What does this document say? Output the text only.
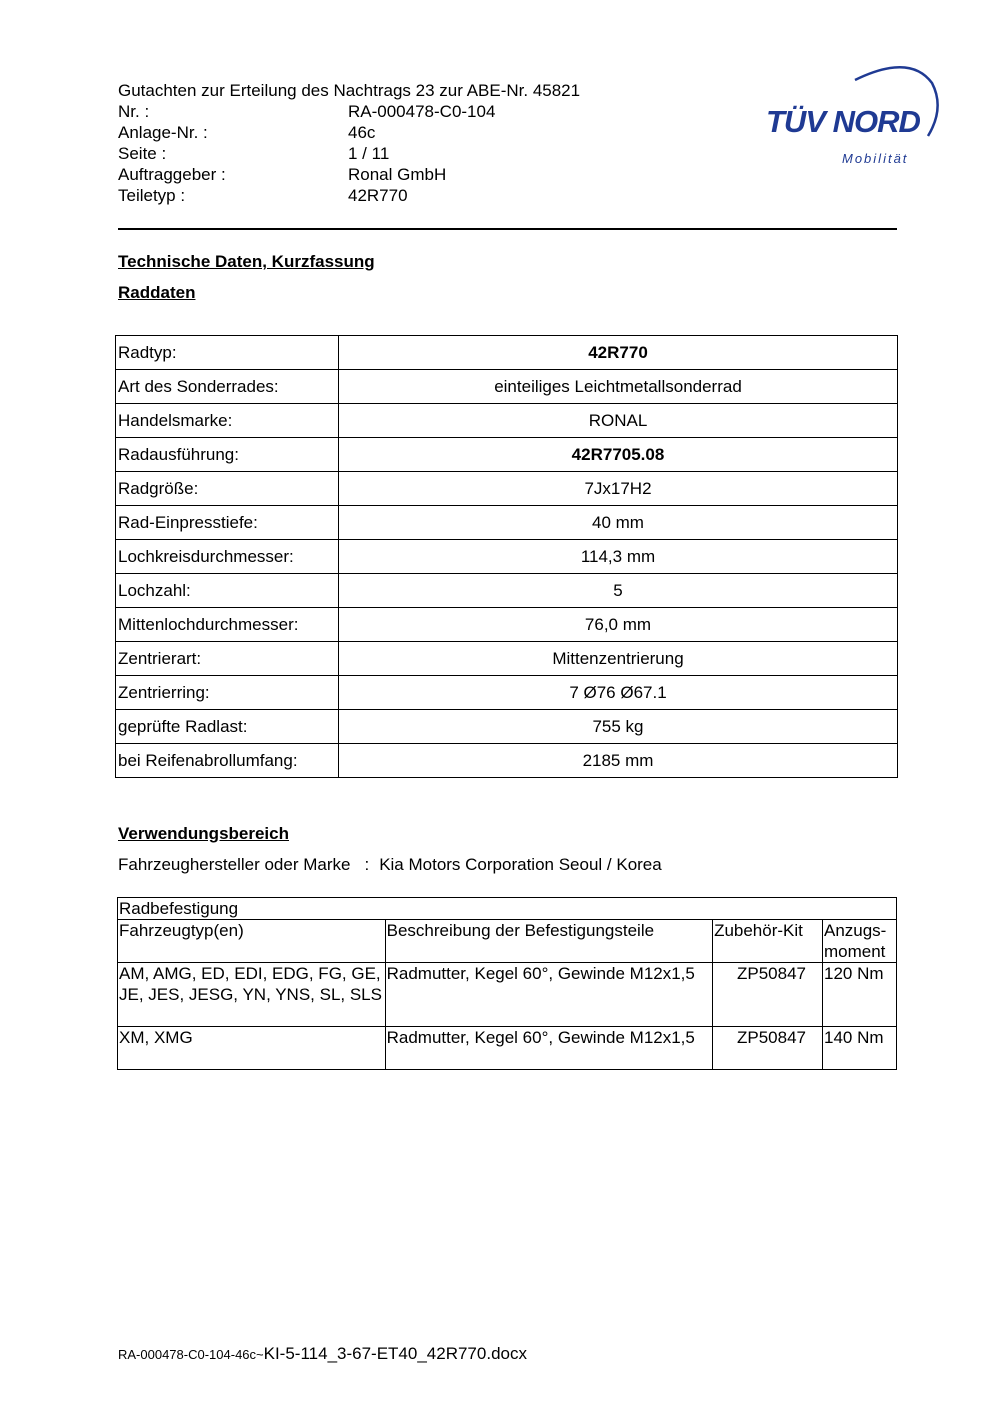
Gutachten zur Erteilung des Nachtrags 23 zur ABE-Nr. 45821
Nr. :	RA-000478-C0-104
Anlage-Nr. :	46c
Seite :	1 / 11
Auftraggeber :	Ronal GmbH
Teiletyp :	42R770
TÜV NORD
Mobilität
Technische Daten, Kurzfassung
Raddaten
Radtyp:	42R770
Art des Sonderrades:	einteiliges Leichtmetallsonderrad
Handelsmarke:	RONAL
Radausführung:	42R7705.08
Radgröße:	7Jx17H2
Rad-Einpresstiefe:	40 mm
Lochkreisdurchmesser:	114,3 mm
Lochzahl:	5
Mittenlochdurchmesser:	76,0 mm
Zentrierart:	Mittenzentrierung
Zentrierring:	7 Ø76 Ø67.1
geprüfte Radlast:	755 kg
bei Reifenabrollumfang:	2185 mm
Verwendungsbereich
Fahrzeughersteller oder Marke : Kia Motors Corporation Seoul / Korea
Radbefestigung			
Fahrzeugtyp(en)	Beschreibung der Befestigungsteile	Zubehör-Kit	Anzugs-
moment
AM, AMG, ED, EDI, EDG, FG, GE, JE, JES, JESG, YN, YNS, SL, SLS	Radmutter, Kegel 60°, Gewinde M12x1,5	ZP50847	120 Nm
XM, XMG	Radmutter, Kegel 60°, Gewinde M12x1,5	ZP50847	140 Nm
RA-000478-C0-104-46c~KI-5-114_3-67-ET40_42R770.docx
